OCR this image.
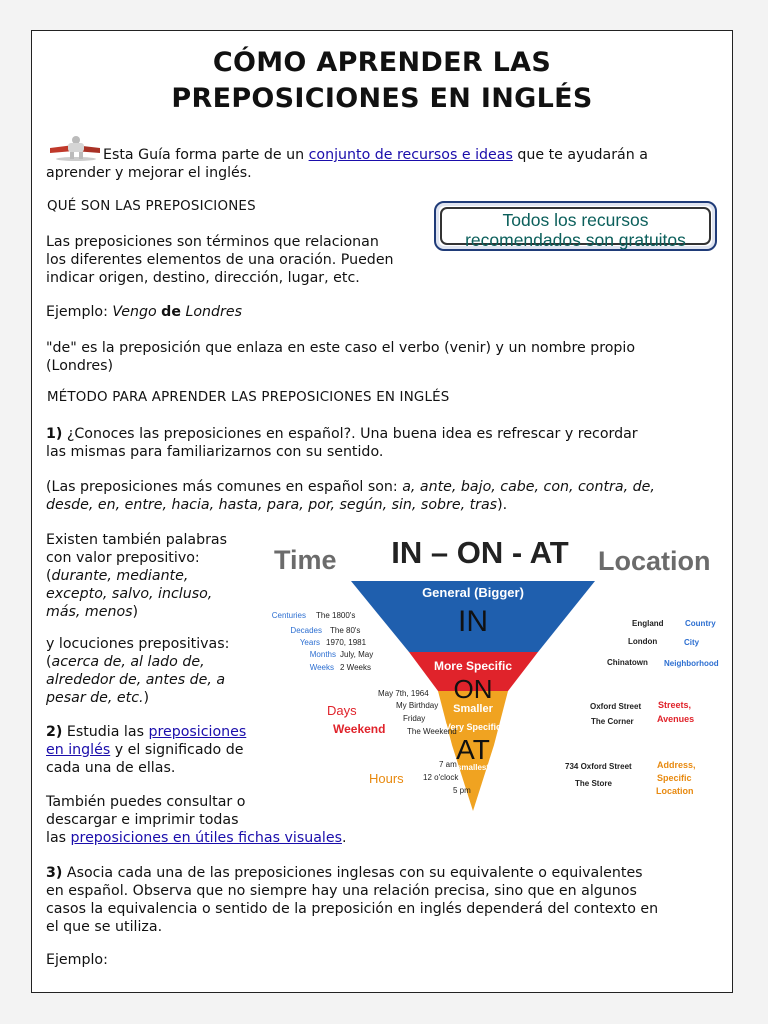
CÓMO APRENDER LAS
PREPOSICIONES EN INGLÉS
Esta Guía forma parte de un conjunto de recursos e ideas que te ayudarán a
aprender y mejorar el inglés.
QUÉ SON LAS PREPOSICIONES
Todos los recursos
recomendados son gratuitos
Las preposiciones son términos que relacionan
los diferentes elementos de una oración. Pueden
indicar origen, destino, dirección, lugar, etc.
Ejemplo: Vengo de Londres
"de" es la preposición que enlaza en este caso el verbo (venir) y un nombre propio
(Londres)
MÉTODO PARA APRENDER LAS PREPOSICIONES EN INGLÉS
1) ¿Conoces las preposiciones en español?. Una buena idea es refrescar y recordar
las mismas para familiarizarnos con su sentido.
(Las preposiciones más comunes en español son: a, ante, bajo, cabe, con, contra, de,
desde, en, entre, hacia, hasta, para, por, según, sin, sobre, tras).
Existen también palabras
con valor prepositivo:
(durante, mediante,
excepto, salvo, incluso,
más, menos)
y locuciones prepositivas:
(acerca de, al lado de,
alrededor de, antes de, a
pesar de, etc.)
2) Estudia las preposiciones
en inglés y el significado de
cada una de ellas.
También puedes consultar o
descargar e imprimir todas
las preposiciones en útiles fichas visuales.
3) Asocia cada una de las preposiciones inglesas con su equivalente o equivalentes
en español. Observa que no siempre hay una relación precisa, sino que en algunos
casos la equivalencia o sentido de la preposición en inglés dependerá del contexto en
el que se utiliza.
Ejemplo:
Time IN – ON - AT Location
General (Bigger)
IN
More Specific
ON
Smaller
Very Specific
AT
smallest
Centuries
Decades
Years
Months
Weeks
The 1800's
The 80's
1970, 1981
July, May
2 Weeks
England
London
Chinatown
Country
City
Neighborhood
Days
Weekend
May 7th, 1964
My Birthday
Friday
The Weekend
Oxford Street
The Corner
Streets,
Avenues
Hours
7 am
12 o'clock
5 pm
734 Oxford Street
The Store
Address,
Specific
Location
